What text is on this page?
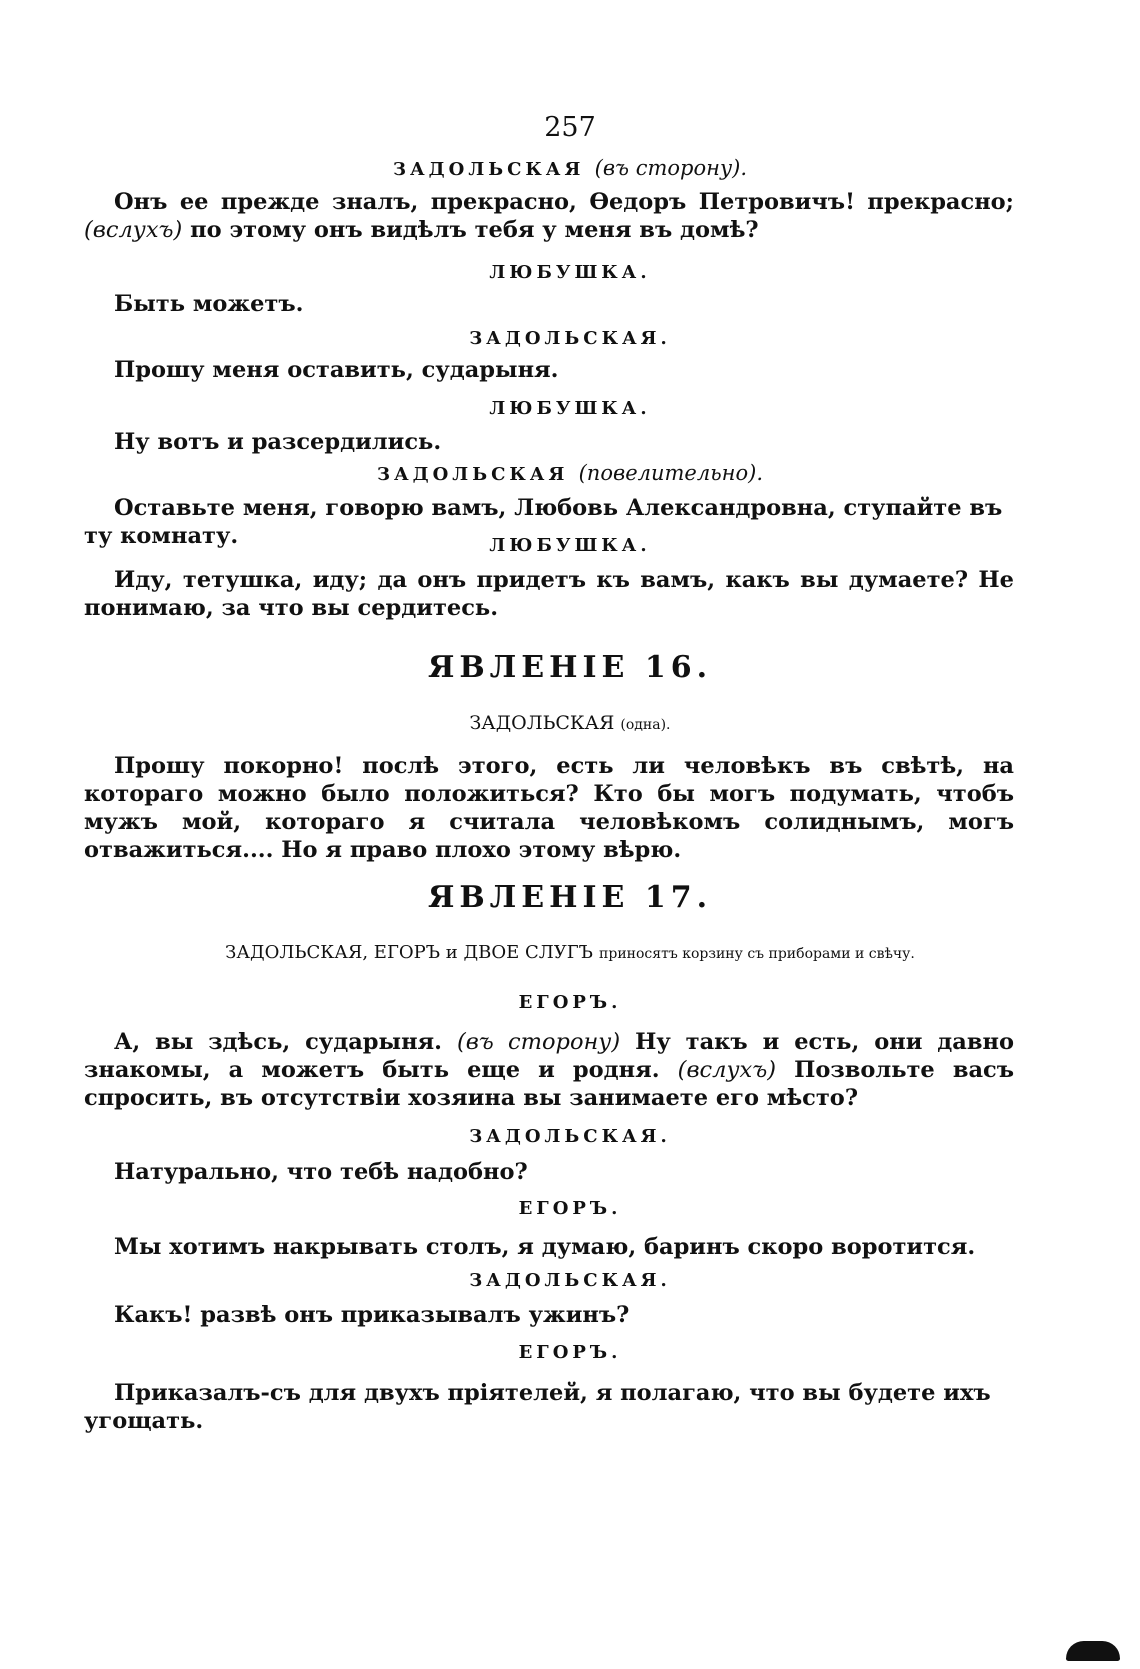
257
ЗАДОЛЬСКАЯ (въ сторону).
Онъ ее прежде зналъ, прекрасно, Өедоръ Петровичъ! прекрасно; (вслухъ) по этому онъ видѣлъ тебя у меня въ домѣ?
ЛЮБУШКА.
Быть можетъ.
ЗАДОЛЬСКАЯ.
Прошу меня оставить, сударыня.
ЛЮБУШКА.
Ну вотъ и разсердились.
ЗАДОЛЬСКАЯ (повелительно).
Оставьте меня, говорю вамъ, Любовь Александровна, ступайте въ ту комнату.	ЛЮБУШКА.
Иду, тетушка, иду; да онъ придетъ къ вамъ, какъ вы думаете? Не понимаю, за что вы сердитесь.
ЯВЛЕНІЕ 16.
ЗАДОЛЬСКАЯ (одна).
Прошу покорно! послѣ этого, есть ли человѣкъ въ свѣтѣ, на котораго можно было положиться? Кто бы могъ подумать, чтобъ мужъ мой, котораго я считала человѣкомъ солиднымъ, могъ отважиться.... Но я право плохо этому вѣрю.
ЯВЛЕНІЕ 17.
ЗАДОЛЬСКАЯ, ЕГОРЪ и ДВОЕ СЛУГЪ приносятъ корзину съ приборами и свѣчу.
ЕГОРЪ.
А, вы здѣсь, сударыня. (въ сторону) Ну такъ и есть, они давно знакомы, а можетъ быть еще и родня. (вслухъ) Позвольте васъ спросить, въ отсутствіи хозяина вы занимаете его мѣсто?
ЗАДОЛЬСКАЯ.
Натурально, что тебѣ надобно?
ЕГОРЪ.
Мы хотимъ накрывать столъ, я думаю, баринъ скоро воротится.
ЗАДОЛЬСКАЯ.
Какъ! развѣ онъ приказывалъ ужинъ?
ЕГОРЪ.
Приказалъ-съ для двухъ пріятелей, я полагаю, что вы будете ихъ угощать.
